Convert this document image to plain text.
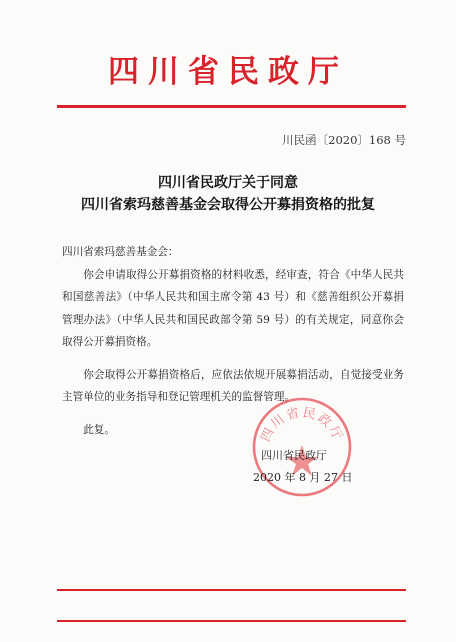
四川省民政厅
川民函〔2020〕168 号
四川省民政厅关于同意
四川省索玛慈善基金会取得公开募捐资格的批复

四川省索玛慈善基金会：

你会申请取得公开募捐资格的材料收悉，经审查，符合《中华人民共和国慈善法》（中华人民共和国主席令第 43 号）和《慈善组织公开募捐管理办法》（中华人民共和国民政部令第 59 号）的有关规定，同意你会取得公开募捐资格。

你会取得公开募捐资格后，应依法依规开展募捐活动，自觉接受业务主管单位的业务指导和登记管理机关的监督管理。

此复。	四川省民政厅
四川省民政厅
2020 年 8 月 27 日
